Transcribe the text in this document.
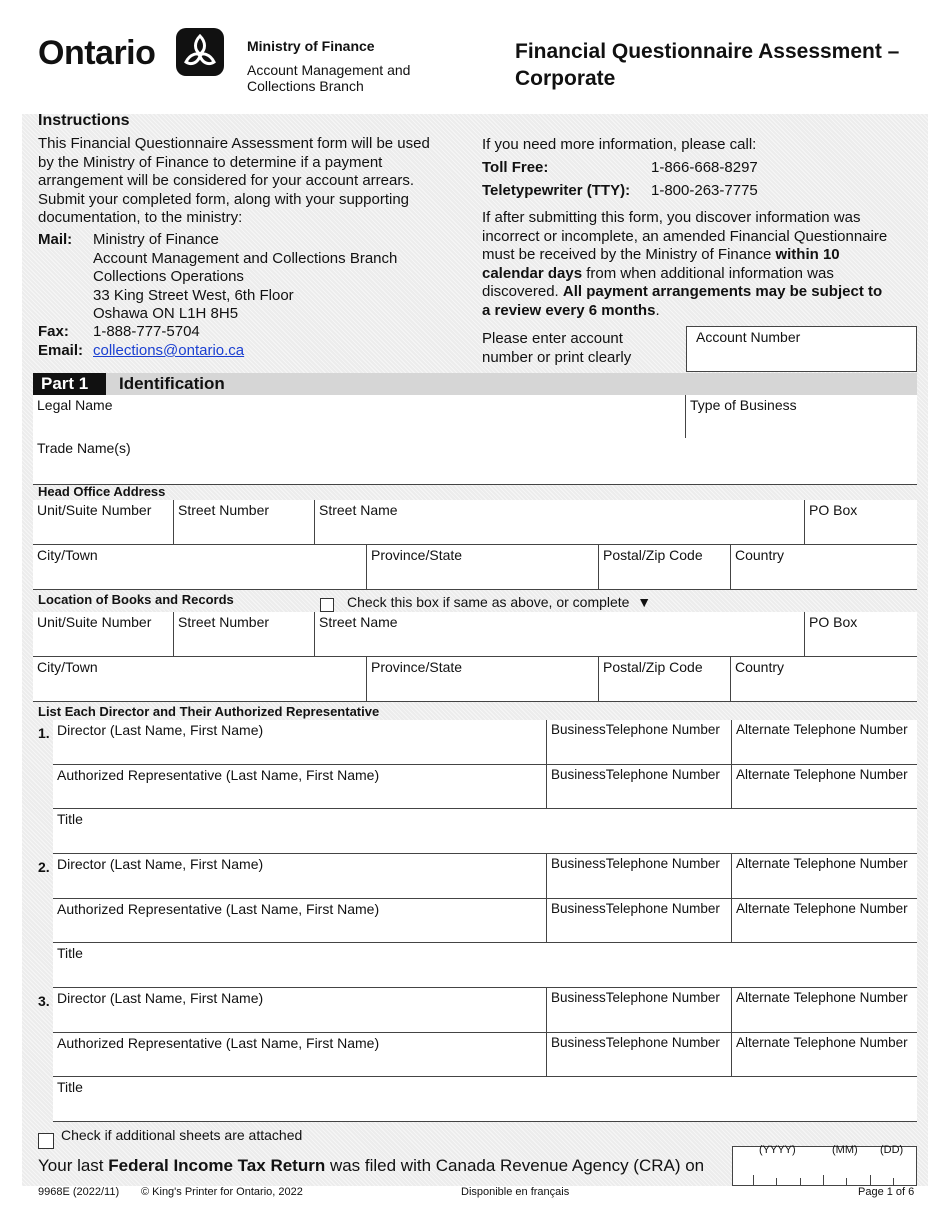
Ontario	Ministry of Finance
Account Management and
Collections Branch
Financial Questionnaire Assessment –
Corporate
Instructions
This Financial Questionnaire Assessment form will be used
by the Ministry of Finance to determine if a payment
arrangement will be considered for your account arrears.
Submit your completed form, along with your supporting
documentation, to the ministry:
Mail: Ministry of Finance
Account Management and Collections Branch
Collections Operations
33 King Street West, 6th Floor
Oshawa ON L1H 8H5
Fax: 1-888-777-5704
Email: collections@ontario.ca
If you need more information, please call:
Toll Free:	1-866-668-8297
Teletypewriter (TTY): 1-800-263-7775
If after submitting this form, you discover information was
incorrect or incomplete, an amended Financial Questionnaire
must be received by the Ministry of Finance within 10
calendar days from when additional information was
discovered. All payment arrangements may be subject to
a review every 6 months.
Please enter account
number or print clearly
Account Number
Part 1	Identification
Legal Name	Type of Business
Trade Name(s)
Head Office Address
Unit/Suite Number Street Number	Street Name	PO Box
City/Town	Province/State	Postal/Zip Code Country
Location of Books and Records	Check this box if same as above, or complete ▼
Unit/Suite Number Street Number	Street Name	PO Box
City/Town	Province/State	Postal/Zip Code Country
List Each Director and Their Authorized Representative
1. Director (Last Name, First Name)	BusinessTelephone Number Alternate Telephone Number
Authorized Representative (Last Name, First Name)	BusinessTelephone Number Alternate Telephone Number
Title
2. Director (Last Name, First Name)	BusinessTelephone Number Alternate Telephone Number
Authorized Representative (Last Name, First Name)	BusinessTelephone Number Alternate Telephone Number
Title
3. Director (Last Name, First Name)	BusinessTelephone Number Alternate Telephone Number
Authorized Representative (Last Name, First Name)	BusinessTelephone Number Alternate Telephone Number
Title
Check if additional sheets are attached
Your last Federal Income Tax Return was filed with Canada Revenue Agency (CRA) on
(YYYY)	(MM) (DD)
9968E (2022/11) © King's Printer for Ontario, 2022	Disponible en français	Page 1 of 6
